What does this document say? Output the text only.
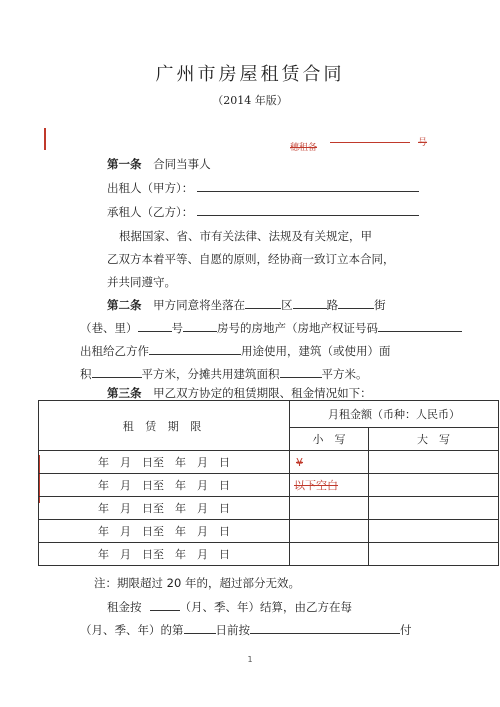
广州市房屋租赁合同
（2014 年版）
穗租备	号
第一条 合同当事人
出租人（甲方）：
承租人（乙方）：
根据国家、省、市有关法律、法规及有关规定，甲
乙双方本着平等、自愿的原则，经协商一致订立本合同，
并共同遵守。
第二条 甲方同意将坐落在	区	路	街
（巷、里）	号	房号的房地产（房地产权证号码
出租给乙方作	用途使用，建筑（或使用）面
积	平方米，分摊共用建筑面积	平方米。
第三条 甲乙双方协定的租赁期限、租金情况如下：
租 赁 期 限	月租金额（币种：人民币）	
	小　写	大　写
年　月　日至　年　月　日	¥	
年　月　日至　年　月　日	以下空白	
年　月　日至　年　月　日		
年　月　日至　年　月　日		
年　月　日至　年　月　日		
注：期限超过 20 年的，超过部分无效。
租金按	（月、季、年）结算，由乙方在每
（月、季、年）的第	日前按	付
1
